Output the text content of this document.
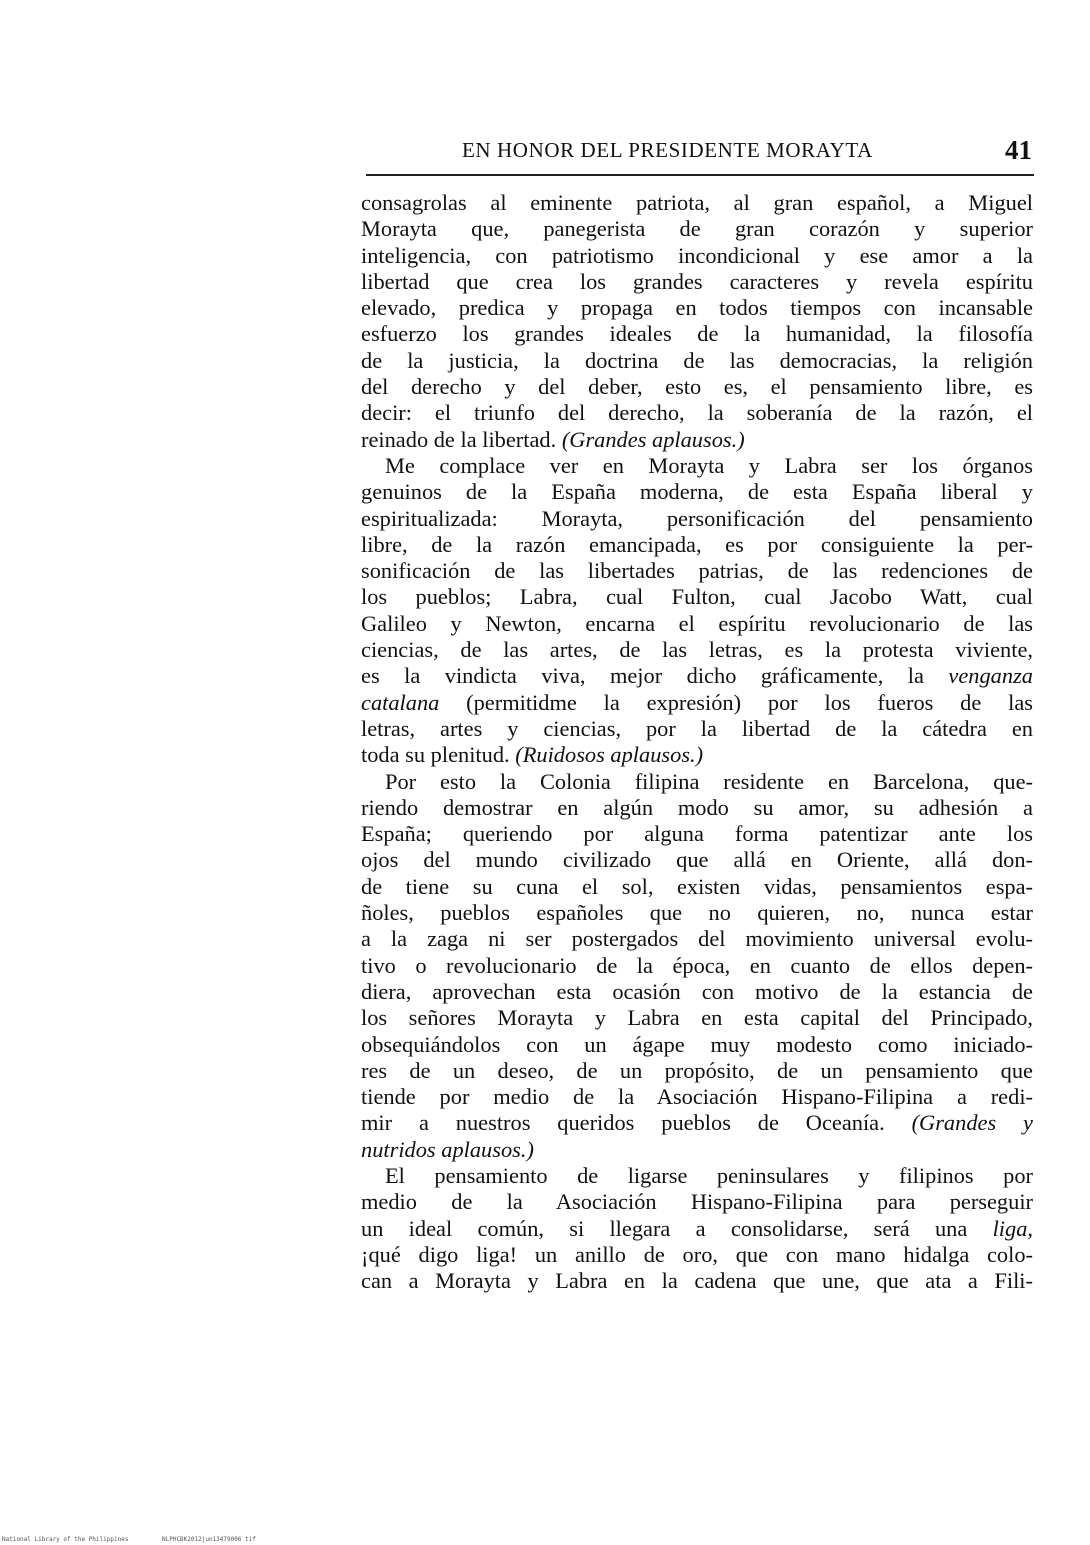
EN HONOR DEL PRESIDENTE MORAYTA	41
consagrolas al eminente patriota, al gran español, a Miguel
Morayta que, panegerista de gran corazón y superior
inteligencia, con patriotismo incondicional y ese amor a la
libertad que crea los grandes caracteres y revela espíritu
elevado, predica y propaga en todos tiempos con incansable
esfuerzo los grandes ideales de la humanidad, la filosofía
de la justicia, la doctrina de las democracias, la religión
del derecho y del deber, esto es, el pensamiento libre, es
decir: el triunfo del derecho, la soberanía de la razón, el
reinado de la libertad. (Grandes aplausos.)
Me complace ver en Morayta y Labra ser los órganos
genuinos de la España moderna, de esta España liberal y
espiritualizada: Morayta, personificación del pensamiento
libre, de la razón emancipada, es por consiguiente la per-
sonificación de las libertades patrias, de las redenciones de
los pueblos; Labra, cual Fulton, cual Jacobo Watt, cual
Galileo y Newton, encarna el espíritu revolucionario de las
ciencias, de las artes, de las letras, es la protesta viviente,
es la vindicta viva, mejor dicho gráficamente, la venganza
catalana (permitidme la expresión) por los fueros de las
letras, artes y ciencias, por la libertad de la cátedra en
toda su plenitud. (Ruidosos aplausos.)
Por esto la Colonia filipina residente en Barcelona, que-
riendo demostrar en algún modo su amor, su adhesión a
España; queriendo por alguna forma patentizar ante los
ojos del mundo civilizado que allá en Oriente, allá don-
de tiene su cuna el sol, existen vidas, pensamientos espa-
ñoles, pueblos españoles que no quieren, no, nunca estar
a la zaga ni ser postergados del movimiento universal evolu-
tivo o revolucionario de la época, en cuanto de ellos depen-
diera, aprovechan esta ocasión con motivo de la estancia de
los señores Morayta y Labra en esta capital del Principado,
obsequiándolos con un ágape muy modesto como iniciado-
res de un deseo, de un propósito, de un pensamiento que
tiende por medio de la Asociación Hispano-Filipina a redi-
mir a nuestros queridos pueblos de Oceanía. (Grandes y
nutridos aplausos.)
El pensamiento de ligarse peninsulares y filipinos por
medio de la Asociación Hispano-Filipina para perseguir
un ideal común, si llegara a consolidarse, será una liga,
¡qué digo liga! un anillo de oro, que con mano hidalga colo-
can a Morayta y Labra en la cadena que une, que ata a Fili-
National Library of the Philippines	NLPHCBK2012jun13479006 tif
